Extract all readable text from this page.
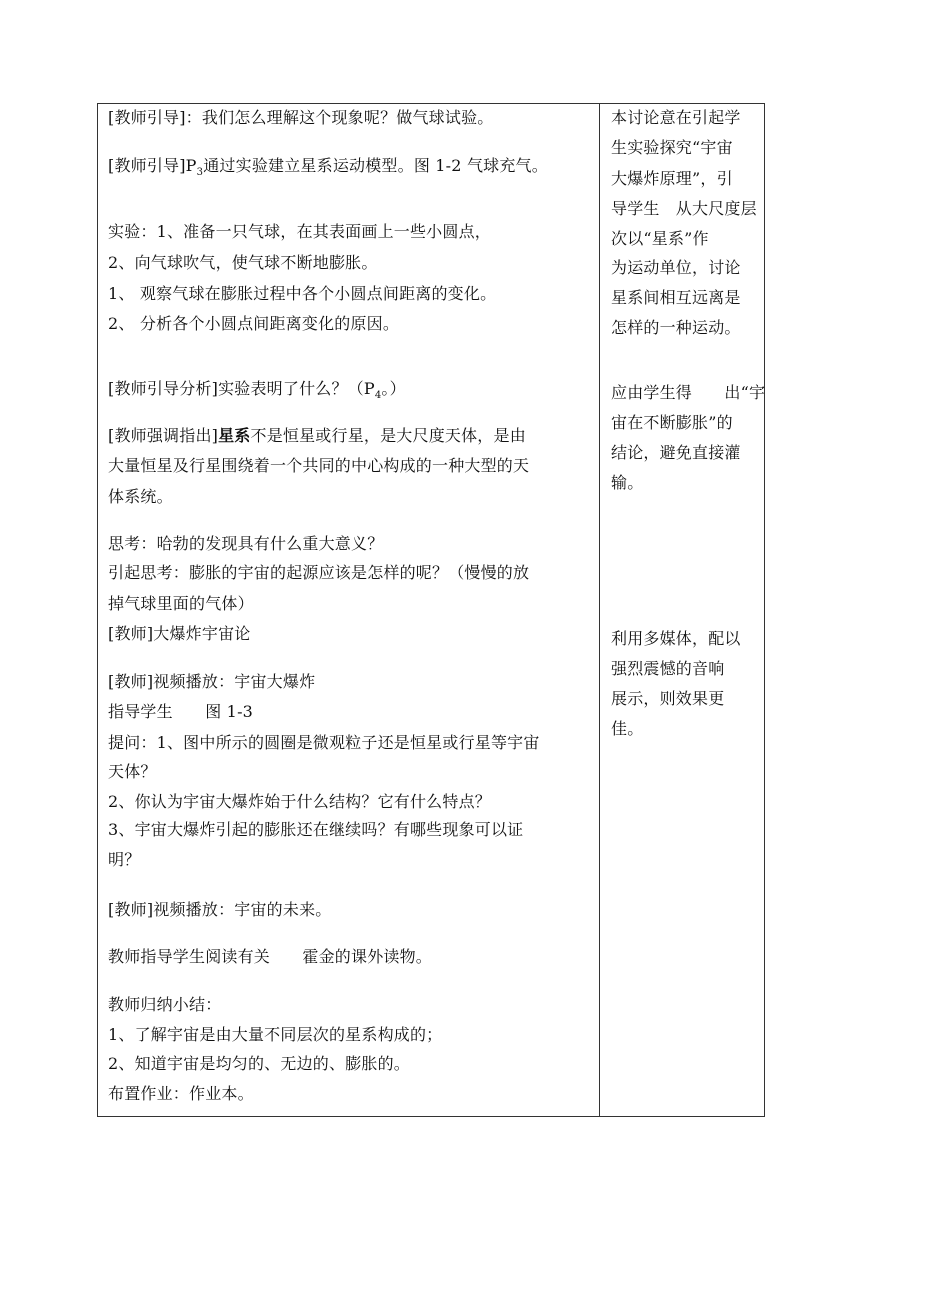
[教师引导]：我们怎么理解这个现象呢？做气球试验。
[教师引导]$P_3$通过实验建立星系运动模型。图 1-2 气球充气。
实验：1、准备一只气球，在其表面画上一些小圆点，
2、向气球吹气，使气球不断地膨胀。
1、 观察气球在膨胀过程中各个小圆点间距离的变化。
2、 分析各个小圆点间距离变化的原因。
[教师引导分析]实验表明了什么？（$P_4$。）
[教师强调指出]星系不是恒星或行星，是大尺度天体，是由
大量恒星及行星围绕着一个共同的中心构成的一种大型的天
体系统。
思考：哈勃的发现具有什么重大意义？
引起思考：膨胀的宇宙的起源应该是怎样的呢？（慢慢的放
掉气球里面的气体）
[教师]大爆炸宇宙论
[教师]视频播放：宇宙大爆炸
指导学生　　图 1-3
提问：1、图中所示的圆圈是微观粒子还是恒星或行星等宇宙
天体？
2、你认为宇宙大爆炸始于什么结构？它有什么特点？
3、宇宙大爆炸引起的膨胀还在继续吗？有哪些现象可以证
明？
[教师]视频播放：宇宙的未来。
教师指导学生阅读有关　　霍金的课外读物。
教师归纳小结：
1、了解宇宙是由大量不同层次的星系构成的；
2、知道宇宙是均匀的、无边的、膨胀的。
布置作业：作业本。
本讨论意在引起学
生实验探究“宇宙
大爆炸原理”，引
导学生　从大尺度层
次以“星系”作
为运动单位，讨论
星系间相互远离是
怎样的一种运动。
应由学生得　　出“宇
宙在不断膨胀”的
结论，避免直接灌
输。
利用多媒体，配以
强烈震憾的音响
展示，则效果更
佳。
